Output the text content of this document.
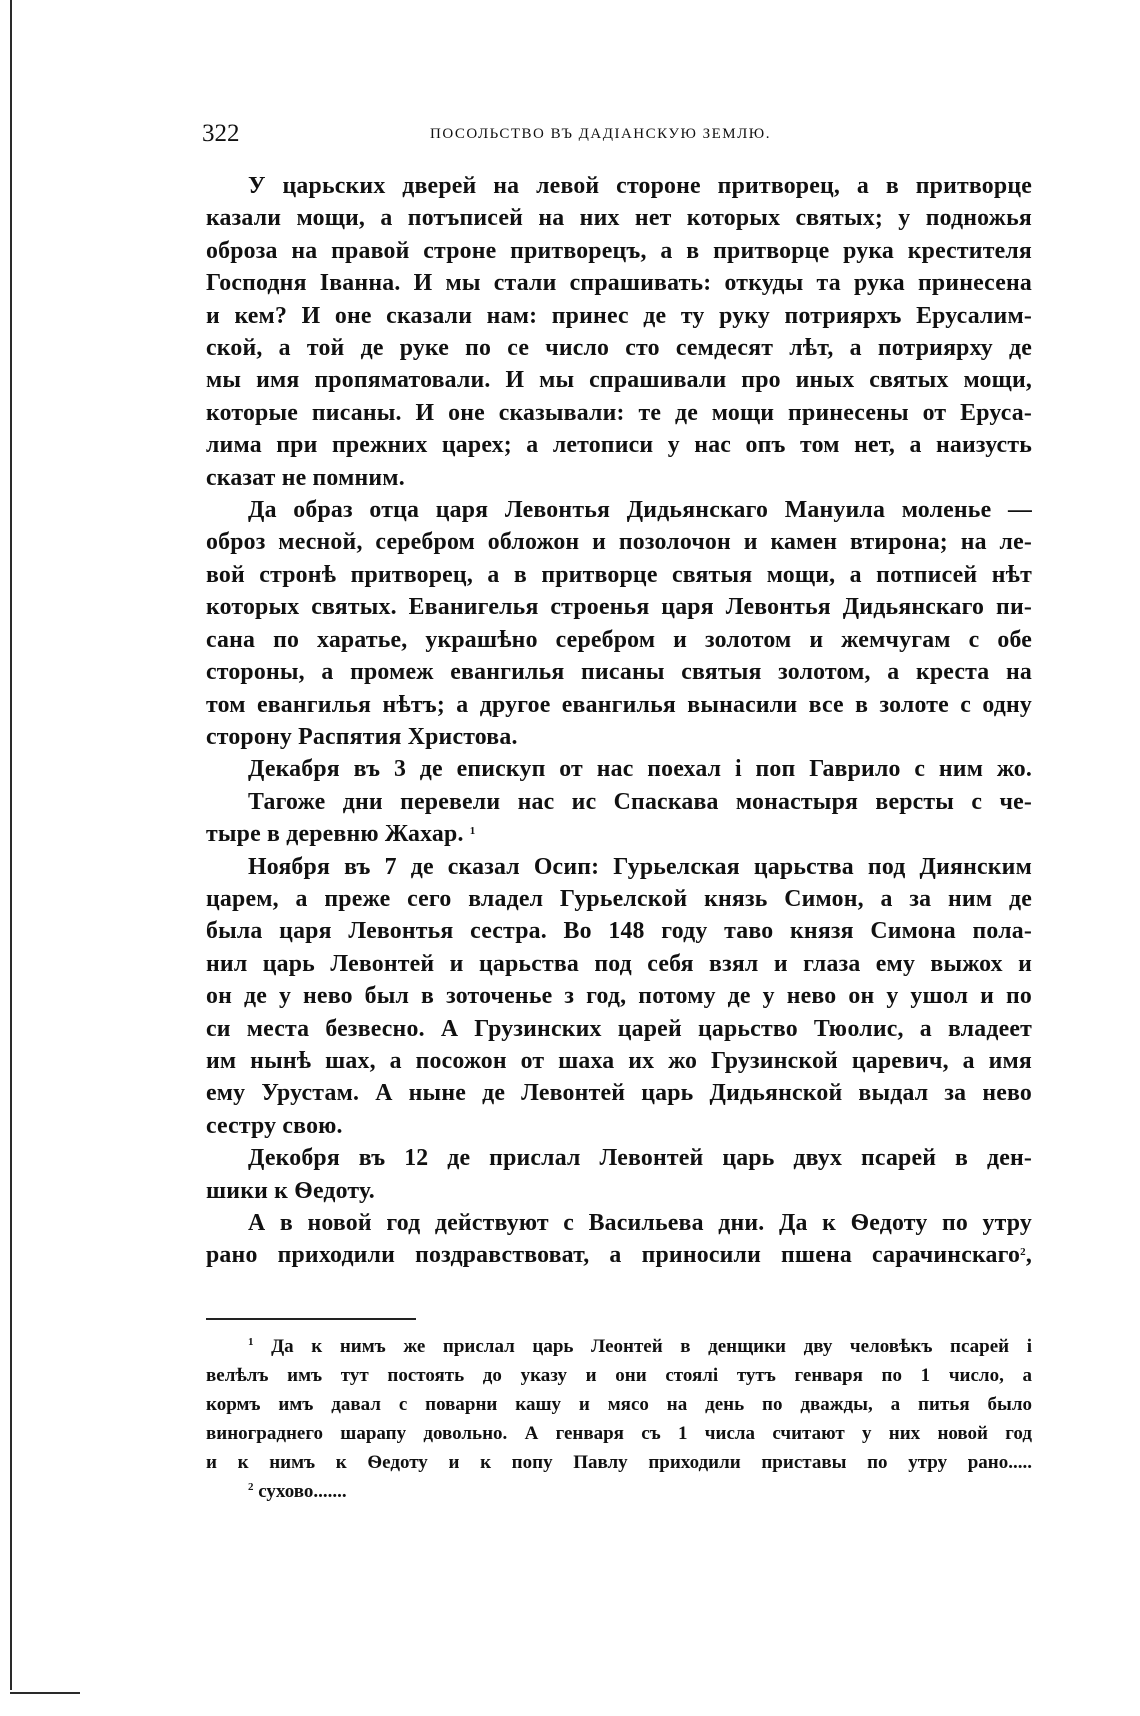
322	ПОСОЛЬСТВО ВЪ ДАДІАНСКУЮ ЗЕМЛЮ.
У царьских дверей на левой стороне притворец, а в притворце
казали мощи, а потъписей на них нет которых святых; у подножья
оброза на правой строне притворецъ, а в притворце рука крестителя
Господня Іванна. И мы стали спрашивать: откуды та рука принесена
и кем? И оне сказали нам: принес де ту руку потриярхъ Ерусалим-
ской, а той де руке по се число сто семдесят лѣт, а потриярху де
мы имя пропяматовали. И мы спрашивали про иных святых мощи,
которые писаны. И оне сказывали: те де мощи принесены от Еруса-
лима при прежних царех; а летописи у нас опъ том нет, а наизусть
сказат не помним.
Да образ отца царя Левонтья Дидьянскаго Мануила моленье —
оброз месной, серебром обложон и позолочон и камен втирона; на ле-
вой стронѣ притворец, а в притворце святыя мощи, а потписей нѣт
которых святых. Еванигелья строенья царя Левонтья Дидьянскаго пи-
сана по харатье, украшѣно серебром и золотом и жемчугам с обе
стороны, а промеж евангилья писаны святыя золотом, а креста на
том евангилья нѣтъ; а другое евангилья вынасили все в золоте с одну
сторону Распятия Христова.
Декабря въ 3 де епискуп от нас поехал і поп Гаврило с ним жо.
Тагоже дни перевели нас ис Спаскава монастыря версты с че-
тыре в деревню Жахар. $^1$
Ноября въ 7 де сказал Осип: Гурьелская царьства под Диянским
царем, а преже сего владел Гурьелской князь Симон, а за ним де
была царя Левонтья сестра. Во 148 году таво князя Симона пола-
нил царь Левонтей и царьства под себя взял и глаза ему выжох и
он де у нево был в зоточенье з год, потому де у нево он у ушол и по
си места безвесно. А Грузинских царей царьство Тюолис, а владеет
им нынѣ шах, а посожон от шаха их жо Грузинской царевич, а имя
ему Урустам. А ныне де Левонтей царь Дидьянской выдал за нево
сестру свою.
Декобря въ 12 де прислал Левонтей царь двух псарей в ден-
шики к Ѳедоту.
А в новой год действуют с Васильева дни. Да к Ѳедоту по утру
рано приходили поздравствоват, а приносили пшена сарачинскаго$^2$,
$^1$ Да к нимъ же прислал царь Леонтей в денщики дву человѣкъ псарей і
велѣлъ имъ тут постоять до указу и они стоялі тутъ генваря по 1 число, а
кормъ имъ давал с поварни кашу и мясо на день по дважды, а питья было
винограднего шарапу довольно. А генваря съ 1 числа считают у них новой год
и к нимъ к Ѳедоту и к попу Павлу приходили приставы по утру рано.....
$^2$ сухово.......
